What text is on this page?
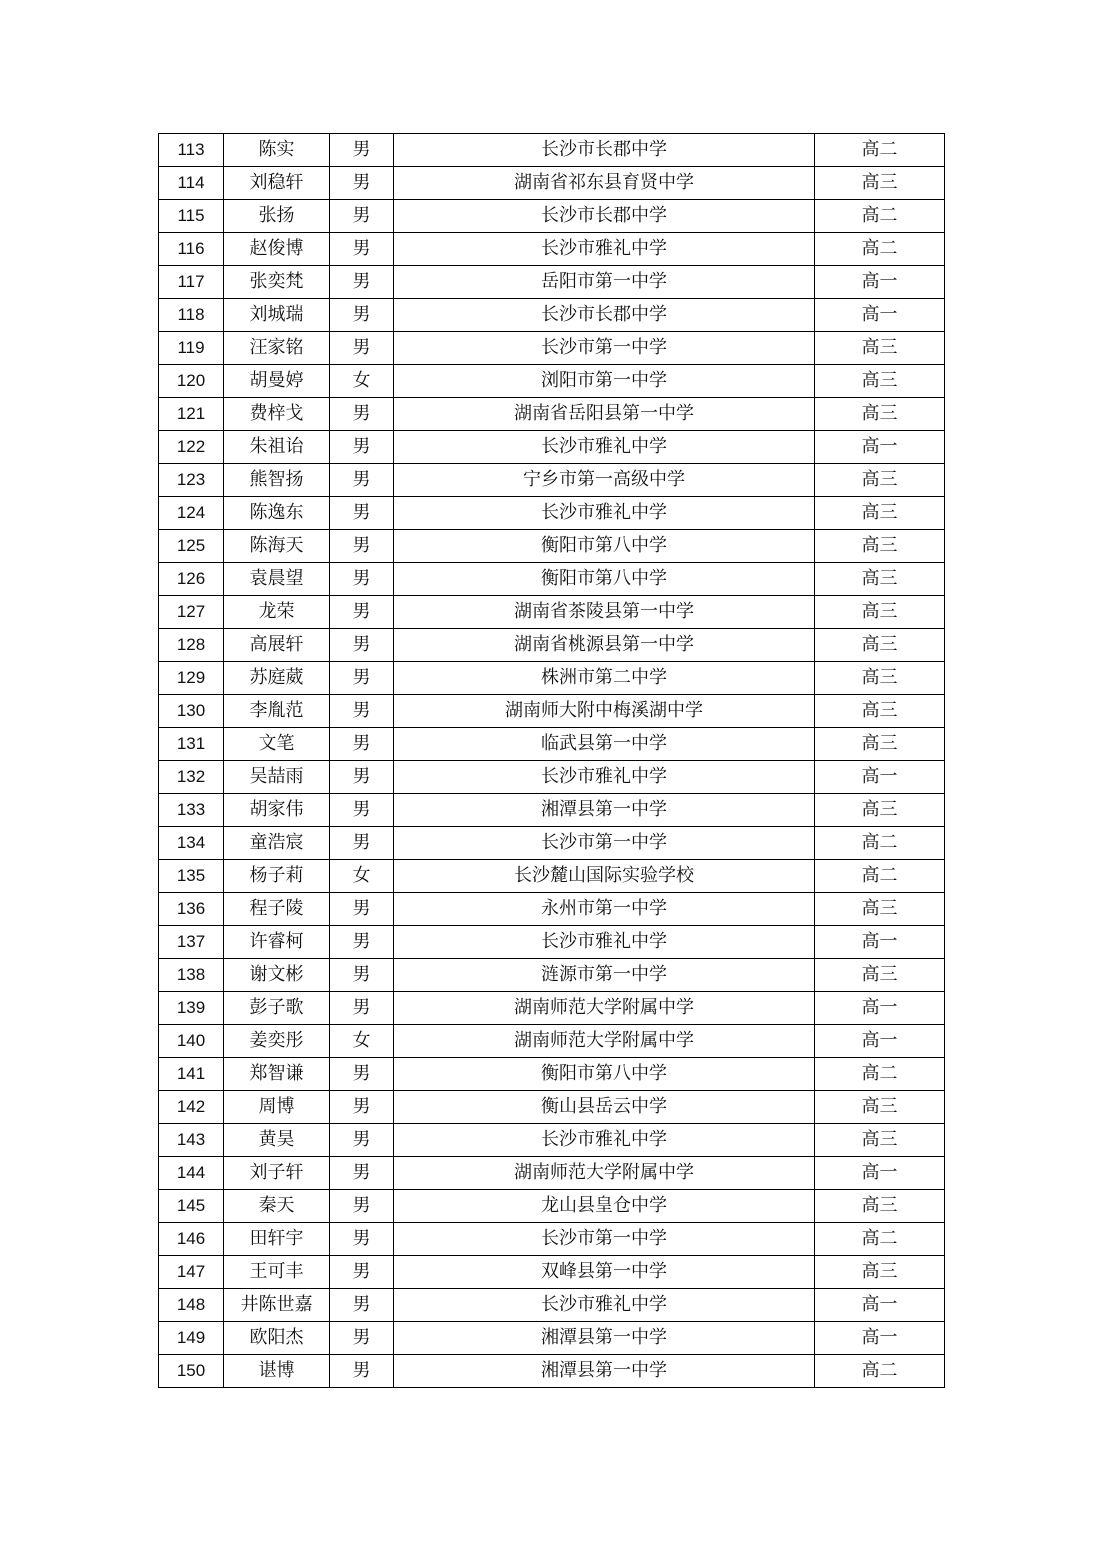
113	陈实	男	长沙市长郡中学	高二
114	刘稳轩	男	湖南省祁东县育贤中学	高三
115	张扬	男	长沙市长郡中学	高二
116	赵俊博	男	长沙市雅礼中学	高二
117	张奕梵	男	岳阳市第一中学	高一
118	刘城瑞	男	长沙市长郡中学	高一
119	汪家铭	男	长沙市第一中学	高三
120	胡曼婷	女	浏阳市第一中学	高三
121	费梓戈	男	湖南省岳阳县第一中学	高三
122	朱祖诒	男	长沙市雅礼中学	高一
123	熊智扬	男	宁乡市第一高级中学	高三
124	陈逸东	男	长沙市雅礼中学	高三
125	陈海天	男	衡阳市第八中学	高三
126	袁晨望	男	衡阳市第八中学	高三
127	龙荣	男	湖南省茶陵县第一中学	高三
128	高展轩	男	湖南省桃源县第一中学	高三
129	苏庭葳	男	株洲市第二中学	高三
130	李胤范	男	湖南师大附中梅溪湖中学	高三
131	文笔	男	临武县第一中学	高三
132	吴喆雨	男	长沙市雅礼中学	高一
133	胡家伟	男	湘潭县第一中学	高三
134	童浩宸	男	长沙市第一中学	高二
135	杨子莉	女	长沙麓山国际实验学校	高二
136	程子陵	男	永州市第一中学	高三
137	许睿柯	男	长沙市雅礼中学	高一
138	谢文彬	男	涟源市第一中学	高三
139	彭子歌	男	湖南师范大学附属中学	高一
140	姜奕彤	女	湖南师范大学附属中学	高一
141	郑智谦	男	衡阳市第八中学	高二
142	周博	男	衡山县岳云中学	高三
143	黄昊	男	长沙市雅礼中学	高三
144	刘子轩	男	湖南师范大学附属中学	高一
145	秦天	男	龙山县皇仓中学	高三
146	田轩宇	男	长沙市第一中学	高二
147	王可丰	男	双峰县第一中学	高三
148	井陈世嘉	男	长沙市雅礼中学	高一
149	欧阳杰	男	湘潭县第一中学	高一
150	谌博	男	湘潭县第一中学	高二
